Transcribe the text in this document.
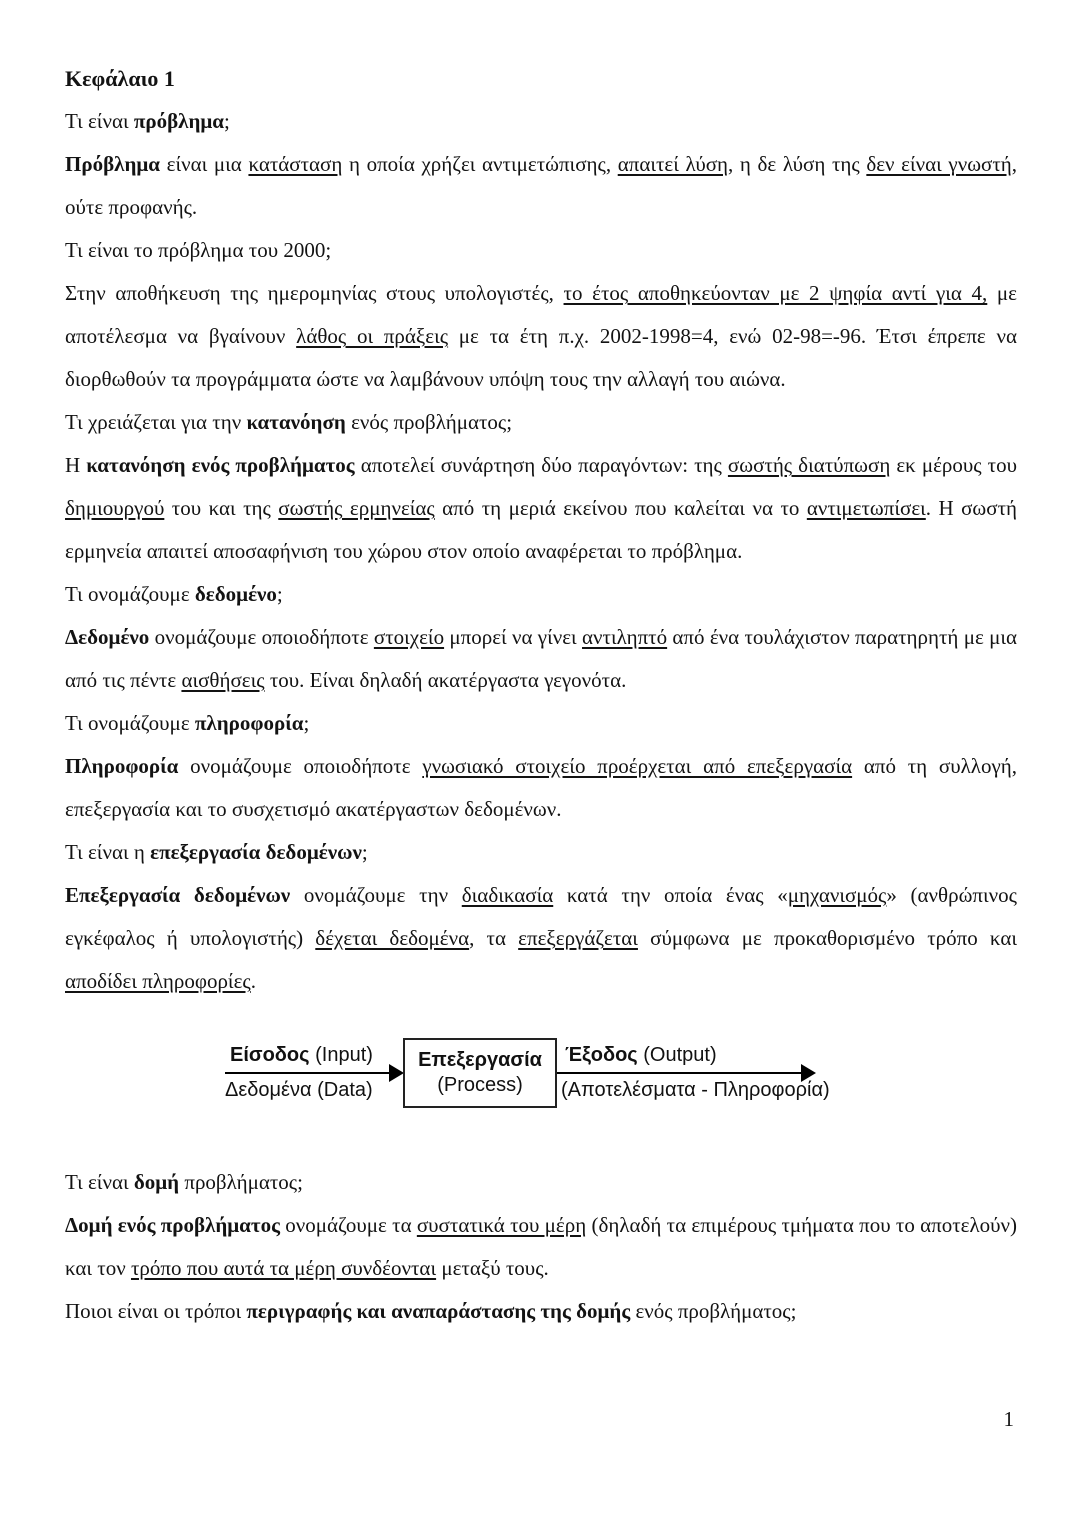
Κεφάλαιο 1

Τι είναι πρόβλημα;

Πρόβλημα είναι μια κατάσταση η οποία χρήζει αντιμετώπισης, απαιτεί λύση, η δε λύση της δεν είναι γνωστή, ούτε προφανής.

Τι είναι το πρόβλημα του 2000;

Στην αποθήκευση της ημερομηνίας στους υπολογιστές, το έτος αποθηκεύονταν με 2 ψηφία αντί για 4, με αποτέλεσμα να βγαίνουν λάθος οι πράξεις με τα έτη π.χ. 2002-1998=4, ενώ 02-98=-96. Έτσι έπρεπε να διορθωθούν τα προγράμματα ώστε να λαμβάνουν υπόψη τους την αλλαγή του αιώνα.

Τι χρειάζεται για την κατανόηση ενός προβλήματος;

Η κατανόηση ενός προβλήματος αποτελεί συνάρτηση δύο παραγόντων: της σωστής διατύπωση εκ μέρους του δημιουργού του και της σωστής ερμηνείας από τη μεριά εκείνου που καλείται να το αντιμετωπίσει. Η σωστή ερμηνεία απαιτεί αποσαφήνιση του χώρου στον οποίο αναφέρεται το πρόβλημα.

Τι ονομάζουμε δεδομένο;

Δεδομένο ονομάζουμε οποιοδήποτε στοιχείο μπορεί να γίνει αντιληπτό από ένα τουλάχιστον παρατηρητή με μια από τις πέντε αισθήσεις του. Είναι δηλαδή ακατέργαστα γεγονότα.

Τι ονομάζουμε πληροφορία;

Πληροφορία ονομάζουμε οποιοδήποτε γνωσιακό στοιχείο προέρχεται από επεξεργασία από τη συλλογή, επεξεργασία και το συσχετισμό ακατέργαστων δεδομένων.

Τι είναι η επεξεργασία δεδομένων;

Επεξεργασία δεδομένων ονομάζουμε την διαδικασία κατά την οποία ένας «μηχανισμός» (ανθρώπινος εγκέφαλος ή υπολογιστής) δέχεται δεδομένα, τα επεξεργάζεται σύμφωνα με προκαθορισμένο τρόπο και αποδίδει πληροφορίες.

Είσοδος (Input)
Δεδομένα (Data)
Επεξεργασία
(Process)
Έξοδος (Output)
(Αποτελέσματα - Πληροφορία)

Τι είναι δομή προβλήματος;

Δομή ενός προβλήματος ονομάζουμε τα συστατικά του μέρη (δηλαδή τα επιμέρους τμήματα που το αποτελούν) και τον τρόπο που αυτά τα μέρη συνδέονται μεταξύ τους.

Ποιοι είναι οι τρόποι περιγραφής και αναπαράστασης της δομής ενός προβλήματος;

1
